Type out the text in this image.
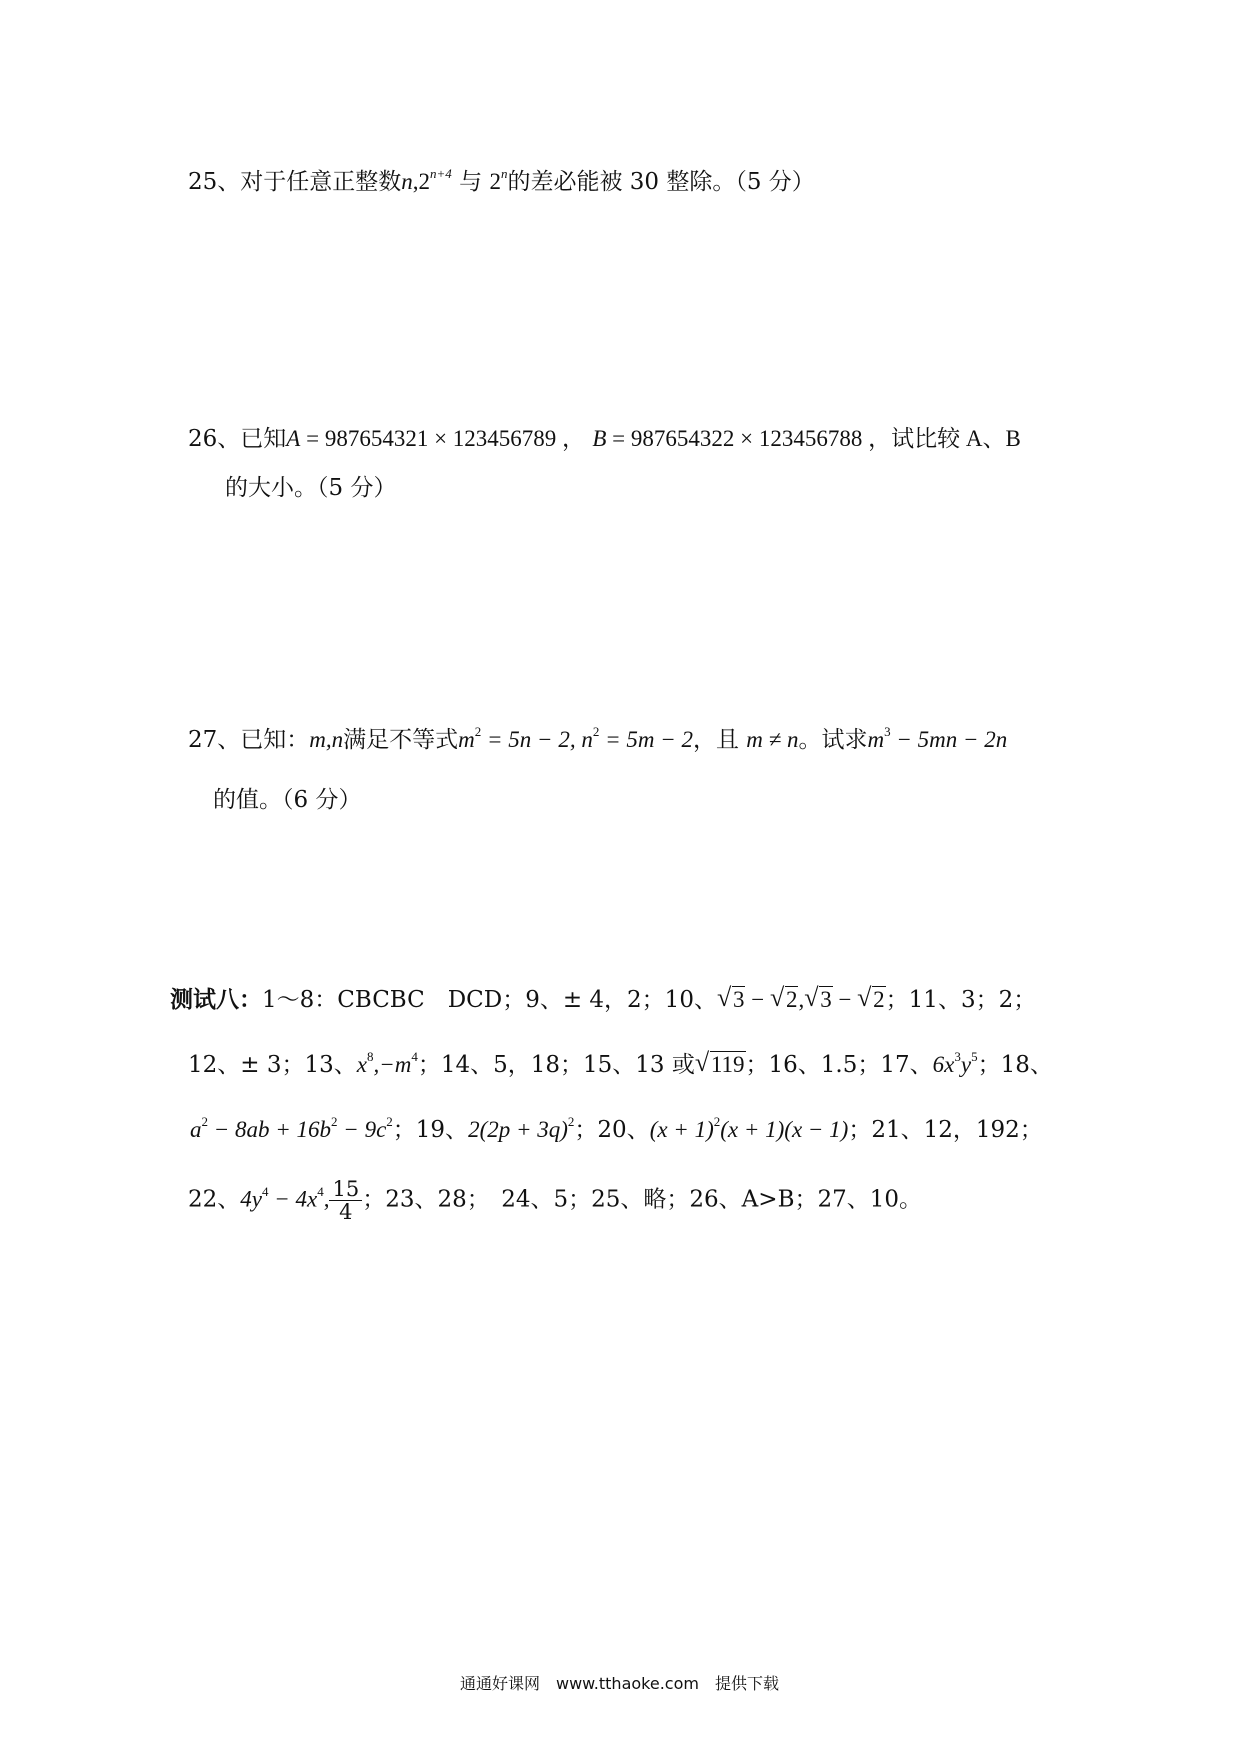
25、对于任意正整数$n,2^{n+4}$ 与 2$^n$的差必能被 30 整除。（5 分）
26、已知A = 987654321 × 123456789 ， B = 987654322 × 123456788 ，试比较 A、B
的大小。（5 分）
27、已知：m,n满足不等式$m^2 = 5n - 2$, $n^2 = 5m - 2$，且 m ≠ n。试求$m^3 - 5mn - 2n$
的值。（6 分）
测试八：1～8：CBCBC　DCD；9、± 4，2；10、 √ 3 − √ 2, √ 3 − √ 2；11、3；2；
12、± 3；13、$x^8,-m^4$；14、5，18；15、13 或 √ 119；16、1.5；17、$6x^3y^5$；18、
$a^2 - 8ab + 16b^2 - 9c^2$；19、$2(2p + 3q)^2$；20、$(x + 1)^2(x + 1)(x - 1)$；21、12，192；
22、$4y^4 - 4x^4$, $\frac{15}{4}$ ；23、28；　24、5；25、略；26、A>B；27、10。
通通好课网　www.tthaoke.com　提供下载
